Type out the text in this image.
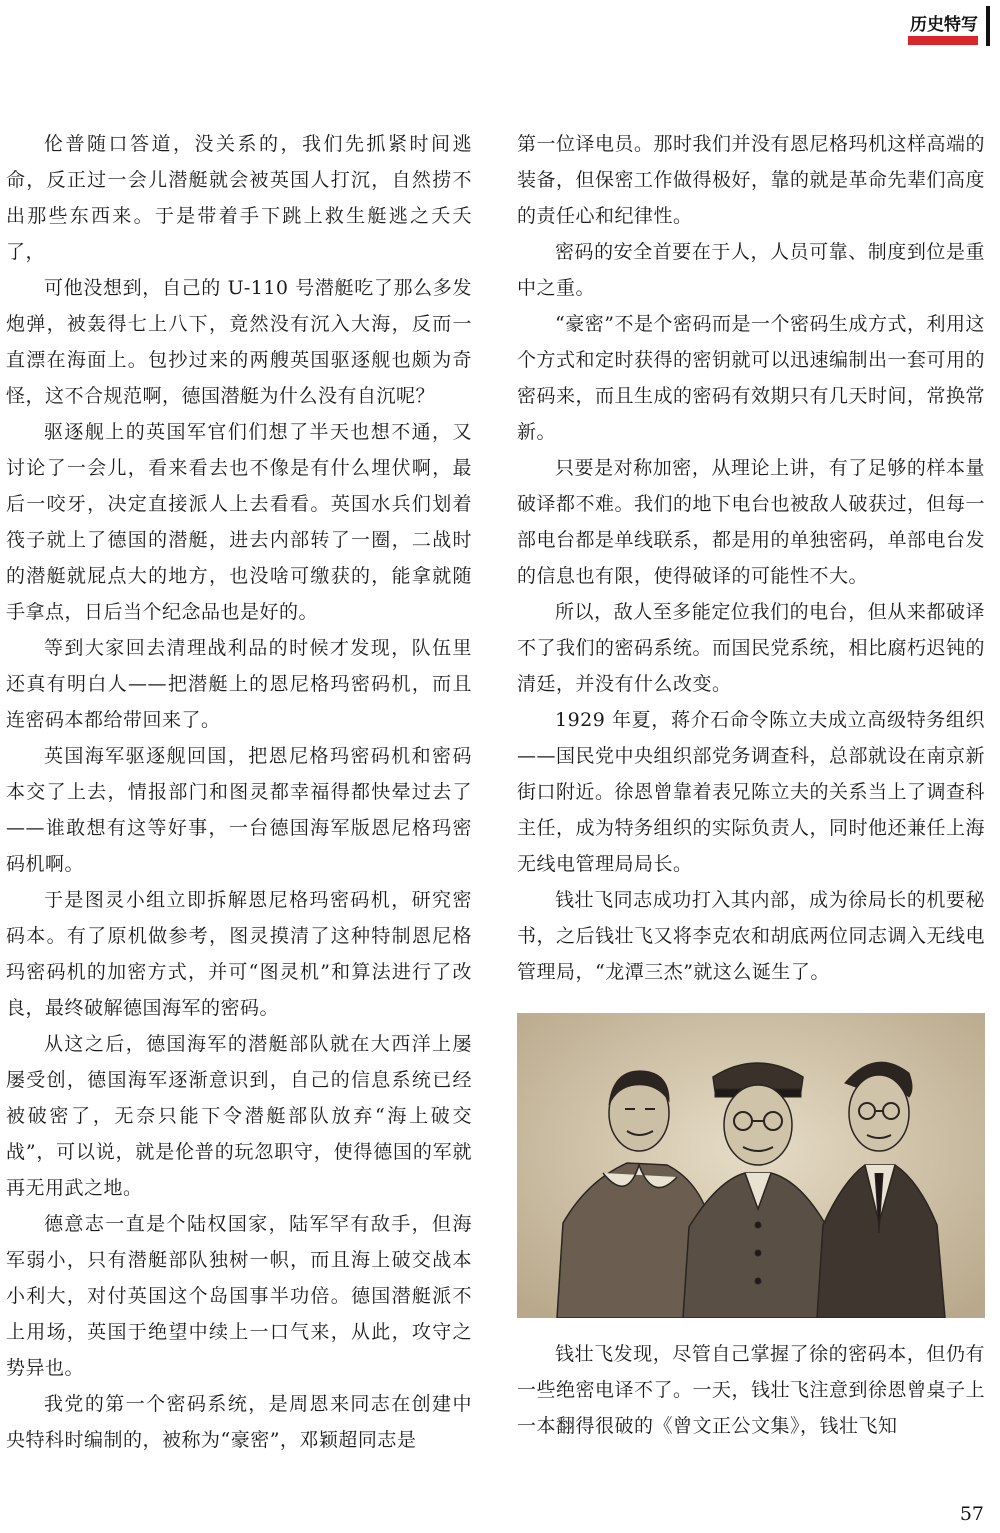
历史特写

伦普随口答道，没关系的，我们先抓紧时间逃命，反正过一会儿潜艇就会被英国人打沉，自然捞不出那些东西来。于是带着手下跳上救生艇逃之夭夭了，

可他没想到，自己的 U-110 号潜艇吃了那么多发炮弹，被轰得七上八下，竟然没有沉入大海，反而一直漂在海面上。包抄过来的两艘英国驱逐舰也颇为奇怪，这不合规范啊，德国潜艇为什么没有自沉呢？

驱逐舰上的英国军官们们想了半天也想不通，又讨论了一会儿，看来看去也不像是有什么埋伏啊，最后一咬牙，决定直接派人上去看看。英国水兵们划着筏子就上了德国的潜艇，进去内部转了一圈，二战时的潜艇就屁点大的地方，也没啥可缴获的，能拿就随手拿点，日后当个纪念品也是好的。

等到大家回去清理战利品的时候才发现，队伍里还真有明白人——把潜艇上的恩尼格玛密码机，而且连密码本都给带回来了。

英国海军驱逐舰回国，把恩尼格玛密码机和密码本交了上去，情报部门和图灵都幸福得都快晕过去了——谁敢想有这等好事，一台德国海军版恩尼格玛密码机啊。

于是图灵小组立即拆解恩尼格玛密码机，研究密码本。有了原机做参考，图灵摸清了这种特制恩尼格玛密码机的加密方式，并可“图灵机”和算法进行了改良，最终破解德国海军的密码。

从这之后，德国海军的潜艇部队就在大西洋上屡屡受创，德国海军逐渐意识到，自己的信息系统已经被破密了，无奈只能下令潜艇部队放弃“海上破交战”，可以说，就是伦普的玩忽职守，使得德国的军就再无用武之地。

德意志一直是个陆权国家，陆军罕有敌手，但海军弱小，只有潜艇部队独树一帜，而且海上破交战本小利大，对付英国这个岛国事半功倍。德国潜艇派不上用场，英国于绝望中续上一口气来，从此，攻守之势异也。

我党的第一个密码系统，是周恩来同志在创建中央特科时编制的，被称为“豪密”，邓颖超同志是

第一位译电员。那时我们并没有恩尼格玛机这样高端的装备，但保密工作做得极好，靠的就是革命先辈们高度的责任心和纪律性。

密码的安全首要在于人，人员可靠、制度到位是重中之重。

“豪密”不是个密码而是一个密码生成方式，利用这个方式和定时获得的密钥就可以迅速编制出一套可用的密码来，而且生成的密码有效期只有几天时间，常换常新。

只要是对称加密，从理论上讲，有了足够的样本量破译都不难。我们的地下电台也被敌人破获过，但每一部电台都是单线联系，都是用的单独密码，单部电台发的信息也有限，使得破译的可能性不大。

所以，敌人至多能定位我们的电台，但从来都破译不了我们的密码系统。而国民党系统，相比腐朽迟钝的清廷，并没有什么改变。

1929 年夏，蒋介石命令陈立夫成立高级特务组织——国民党中央组织部党务调查科，总部就设在南京新街口附近。徐恩曾靠着表兄陈立夫的关系当上了调查科主任，成为特务组织的实际负责人，同时他还兼任上海无线电管理局局长。

钱壮飞同志成功打入其内部，成为徐局长的机要秘书，之后钱壮飞又将李克农和胡底两位同志调入无线电管理局，“龙潭三杰”就这么诞生了。

钱壮飞发现，尽管自己掌握了徐的密码本，但仍有一些绝密电译不了。一天，钱壮飞注意到徐恩曾桌子上一本翻得很破的《曾文正公文集》，钱壮飞知

57
